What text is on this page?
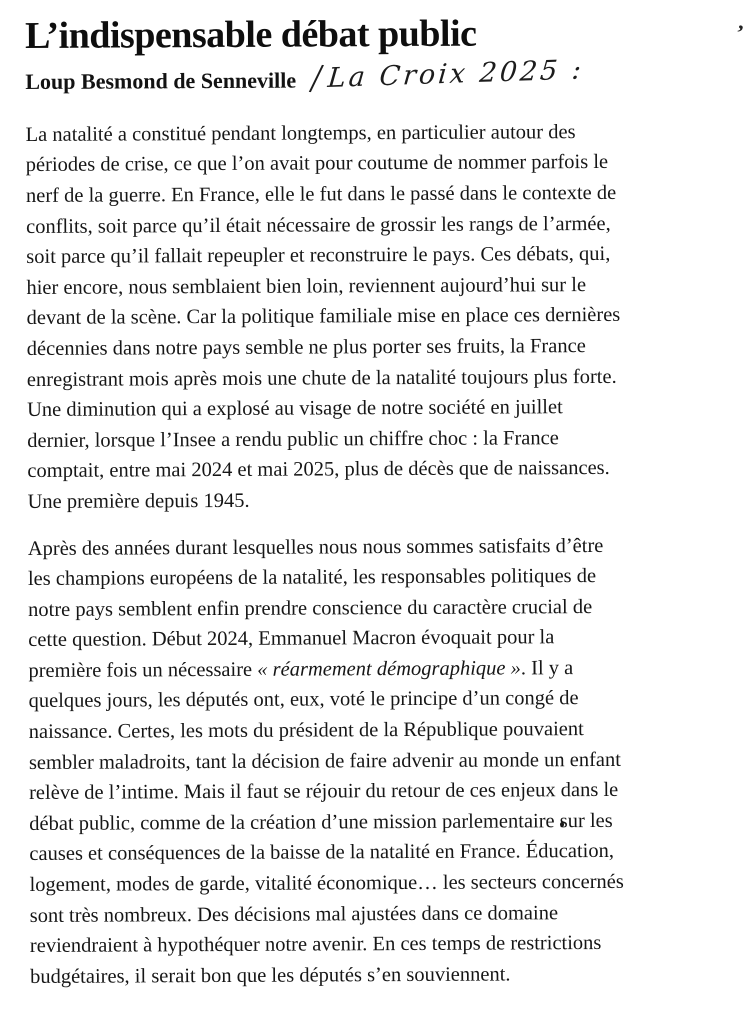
’
L’indispensable débat public
Loup Besmond de Senneville /La Croix 2025 :

La natalité a constitué pendant longtemps, en particulier autour des
périodes de crise, ce que l’on avait pour coutume de nommer parfois le
nerf de la guerre. En France, elle le fut dans le passé dans le contexte de
conflits, soit parce qu’il était nécessaire de grossir les rangs de l’armée,
soit parce qu’il fallait repeupler et reconstruire le pays. Ces débats, qui,
hier encore, nous semblaient bien loin, reviennent aujourd’hui sur le
devant de la scène. Car la politique familiale mise en place ces dernières
décennies dans notre pays semble ne plus porter ses fruits, la France
enregistrant mois après mois une chute de la natalité toujours plus forte.
Une diminution qui a explosé au visage de notre société en juillet
dernier, lorsque l’Insee a rendu public un chiffre choc : la France
comptait, entre mai 2024 et mai 2025, plus de décès que de naissances.
Une première depuis 1945.

Après des années durant lesquelles nous nous sommes satisfaits d’être
les champions européens de la natalité, les responsables politiques de
notre pays semblent enfin prendre conscience du caractère crucial de
cette question. Début 2024, Emmanuel Macron évoquait pour la
première fois un nécessaire « réarmement démographique ». Il y a
quelques jours, les députés ont, eux, voté le principe d’un congé de
naissance. Certes, les mots du président de la République pouvaient
sembler maladroits, tant la décision de faire advenir au monde un enfant
relève de l’intime. Mais il faut se réjouir du retour de ces enjeux dans le
débat public, comme de la création d’une mission parlementaire sur les
causes et conséquences de la baisse de la natalité en France. Éducation,
logement, modes de garde, vitalité économique… les secteurs concernés
sont très nombreux. Des décisions mal ajustées dans ce domaine
reviendraient à hypothéquer notre avenir. En ces temps de restrictions
budgétaires, il serait bon que les députés s’en souviennent.
